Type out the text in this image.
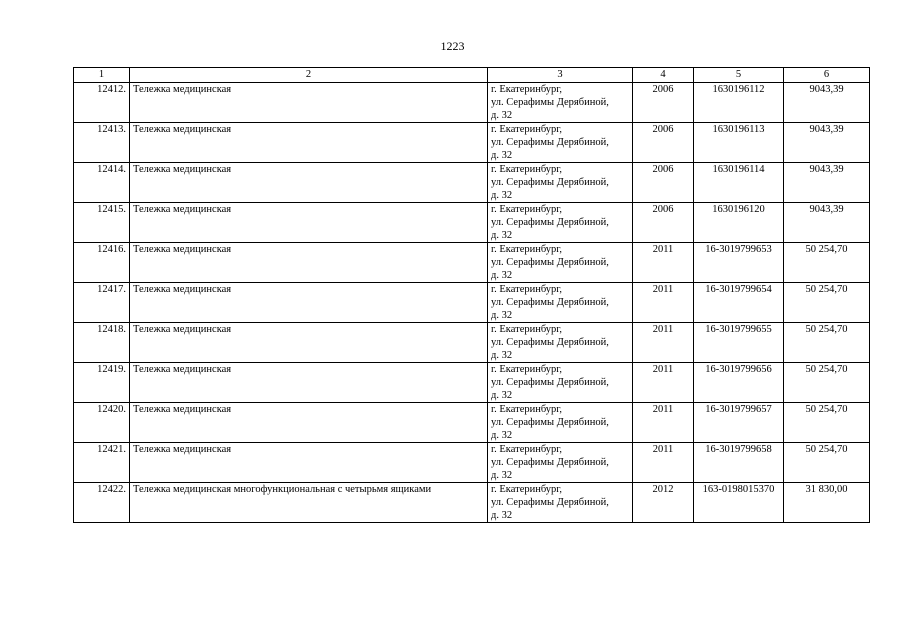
1223
1	2	3	4	5	6
12412.	Тележка медицинская	г. Екатеринбург,
ул. Серафимы Дерябиной,
д. 32	2006	1630196112	9043,39
12413.	Тележка медицинская	г. Екатеринбург,
ул. Серафимы Дерябиной,
д. 32	2006	1630196113	9043,39
12414.	Тележка медицинская	г. Екатеринбург,
ул. Серафимы Дерябиной,
д. 32	2006	1630196114	9043,39
12415.	Тележка медицинская	г. Екатеринбург,
ул. Серафимы Дерябиной,
д. 32	2006	1630196120	9043,39
12416.	Тележка медицинская	г. Екатеринбург,
ул. Серафимы Дерябиной,
д. 32	2011	16-3019799653	50 254,70
12417.	Тележка медицинская	г. Екатеринбург,
ул. Серафимы Дерябиной,
д. 32	2011	16-3019799654	50 254,70
12418.	Тележка медицинская	г. Екатеринбург,
ул. Серафимы Дерябиной,
д. 32	2011	16-3019799655	50 254,70
12419.	Тележка медицинская	г. Екатеринбург,
ул. Серафимы Дерябиной,
д. 32	2011	16-3019799656	50 254,70
12420.	Тележка медицинская	г. Екатеринбург,
ул. Серафимы Дерябиной,
д. 32	2011	16-3019799657	50 254,70
12421.	Тележка медицинская	г. Екатеринбург,
ул. Серафимы Дерябиной,
д. 32	2011	16-3019799658	50 254,70
12422.	Тележка медицинская многофункциональная с четырьмя ящиками	г. Екатеринбург,
ул. Серафимы Дерябиной,
д. 32	2012	163-0198015370	31 830,00
